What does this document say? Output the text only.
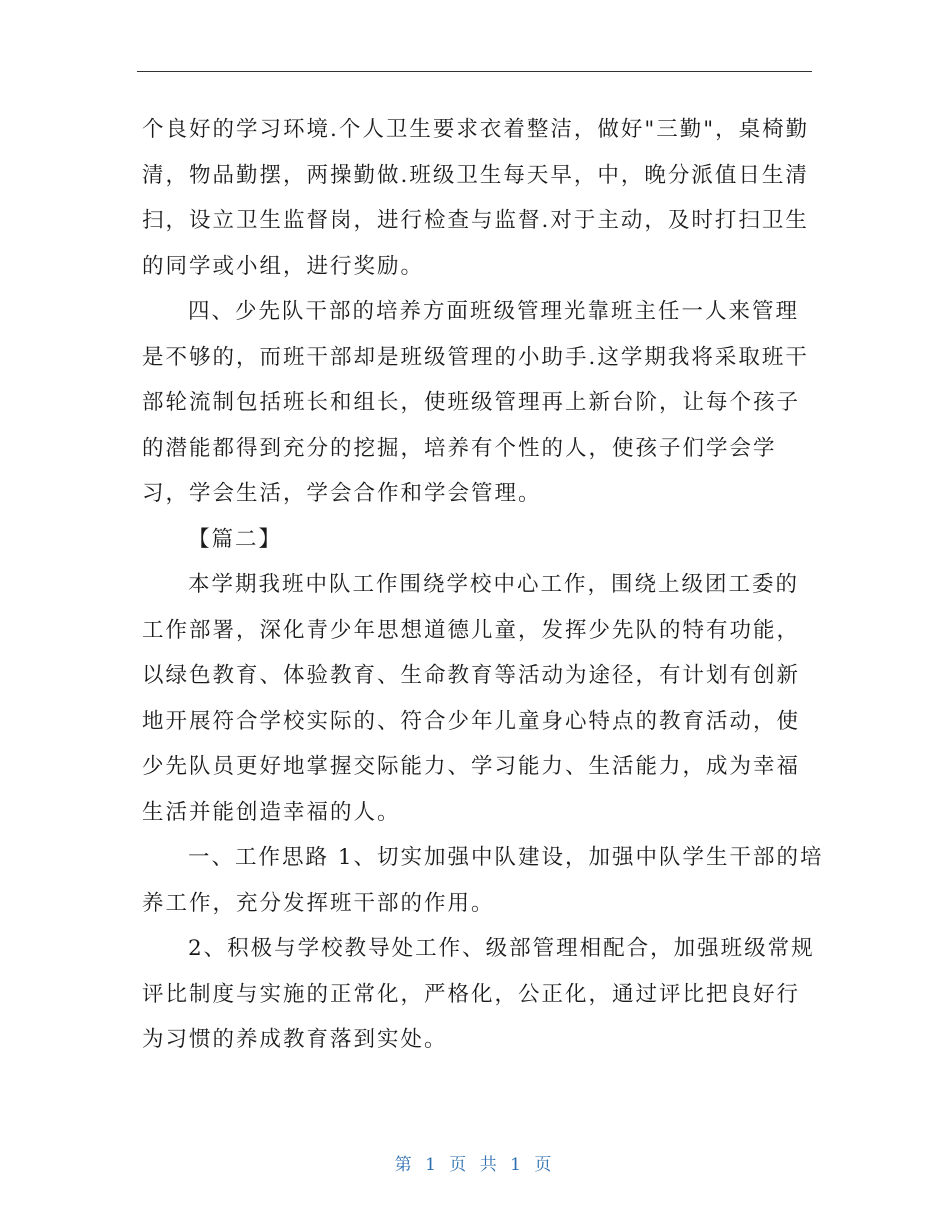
个良好的学习环境.个人卫生要求衣着整洁，做好"三勤"，桌椅勤
清，物品勤摆，两操勤做.班级卫生每天早，中，晚分派值日生清
扫，设立卫生监督岗，进行检查与监督.对于主动，及时打扫卫生
的同学或小组，进行奖励。
四、少先队干部的培养方面班级管理光靠班主任一人来管理
是不够的，而班干部却是班级管理的小助手.这学期我将采取班干
部轮流制包括班长和组长，使班级管理再上新台阶，让每个孩子
的潜能都得到充分的挖掘，培养有个性的人，使孩子们学会学
习，学会生活，学会合作和学会管理。
【篇二】
本学期我班中队工作围绕学校中心工作，围绕上级团工委的
工作部署，深化青少年思想道德儿童，发挥少先队的特有功能，
以绿色教育、体验教育、生命教育等活动为途径，有计划有创新
地开展符合学校实际的、符合少年儿童身心特点的教育活动，使
少先队员更好地掌握交际能力、学习能力、生活能力，成为幸福
生活并能创造幸福的人。
一、工作思路 1、切实加强中队建设，加强中队学生干部的培
养工作，充分发挥班干部的作用。
2、积极与学校教导处工作、级部管理相配合，加强班级常规
评比制度与实施的正常化，严格化，公正化，通过评比把良好行
为习惯的养成教育落到实处。
第 1 页 共 1 页
